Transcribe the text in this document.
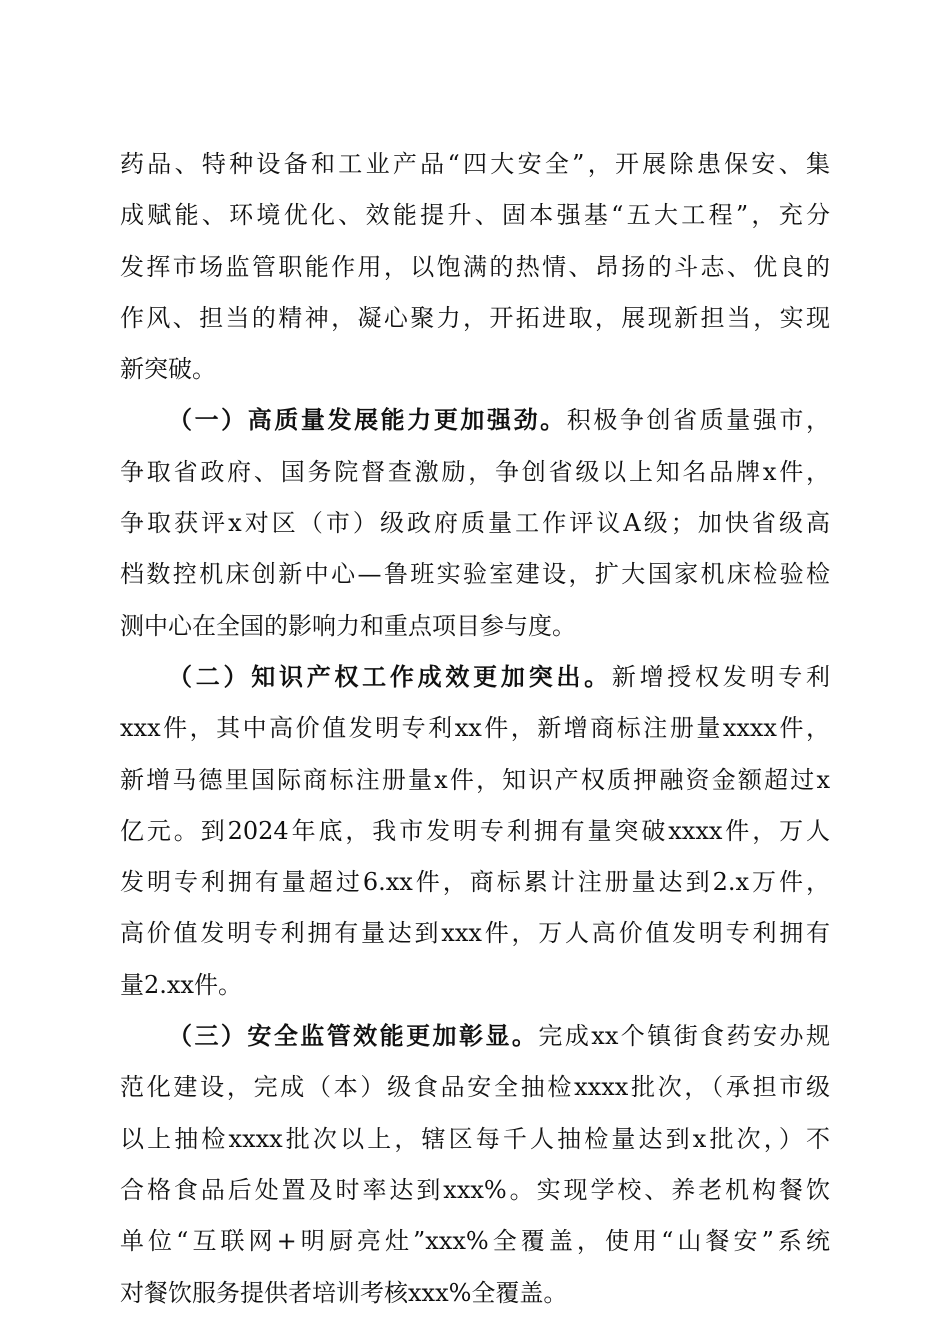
药品、特种设备和工业产品“四大安全”，开展除患保安、集
成赋能、环境优化、效能提升、固本强基“五大工程”，充分
发挥市场监管职能作用，以饱满的热情、昂扬的斗志、优良的
作风、担当的精神，凝心聚力，开拓进取，展现新担当，实现
新突破。
（一）高质量发展能力更加强劲。积极争创省质量强市，
争取省政府、国务院督查激励，争创省级以上知名品牌x件，
争取获评x对区（市）级政府质量工作评议A级；加快省级高
档数控机床创新中心—鲁班实验室建设，扩大国家机床检验检
测中心在全国的影响力和重点项目参与度。
（二）知识产权工作成效更加突出。新增授权发明专利
xxx件，其中高价值发明专利xx件，新增商标注册量xxxx件，
新增马德里国际商标注册量x件，知识产权质押融资金额超过x
亿元。到2024年底，我市发明专利拥有量突破xxxx件，万人
发明专利拥有量超过6.xx件，商标累计注册量达到2.x万件，
高价值发明专利拥有量达到xxx件，万人高价值发明专利拥有
量2.xx件。
（三）安全监管效能更加彰显。完成xx个镇街食药安办规
范化建设，完成（本）级食品安全抽检xxxx批次，（承担市级
以上抽检xxxx批次以上，辖区每千人抽检量达到x批次，）不
合格食品后处置及时率达到xxx%。实现学校、养老机构餐饮
单位“互联网+明厨亮灶”xxx%全覆盖，使用“山餐安”系统
对餐饮服务提供者培训考核xxx%全覆盖。
